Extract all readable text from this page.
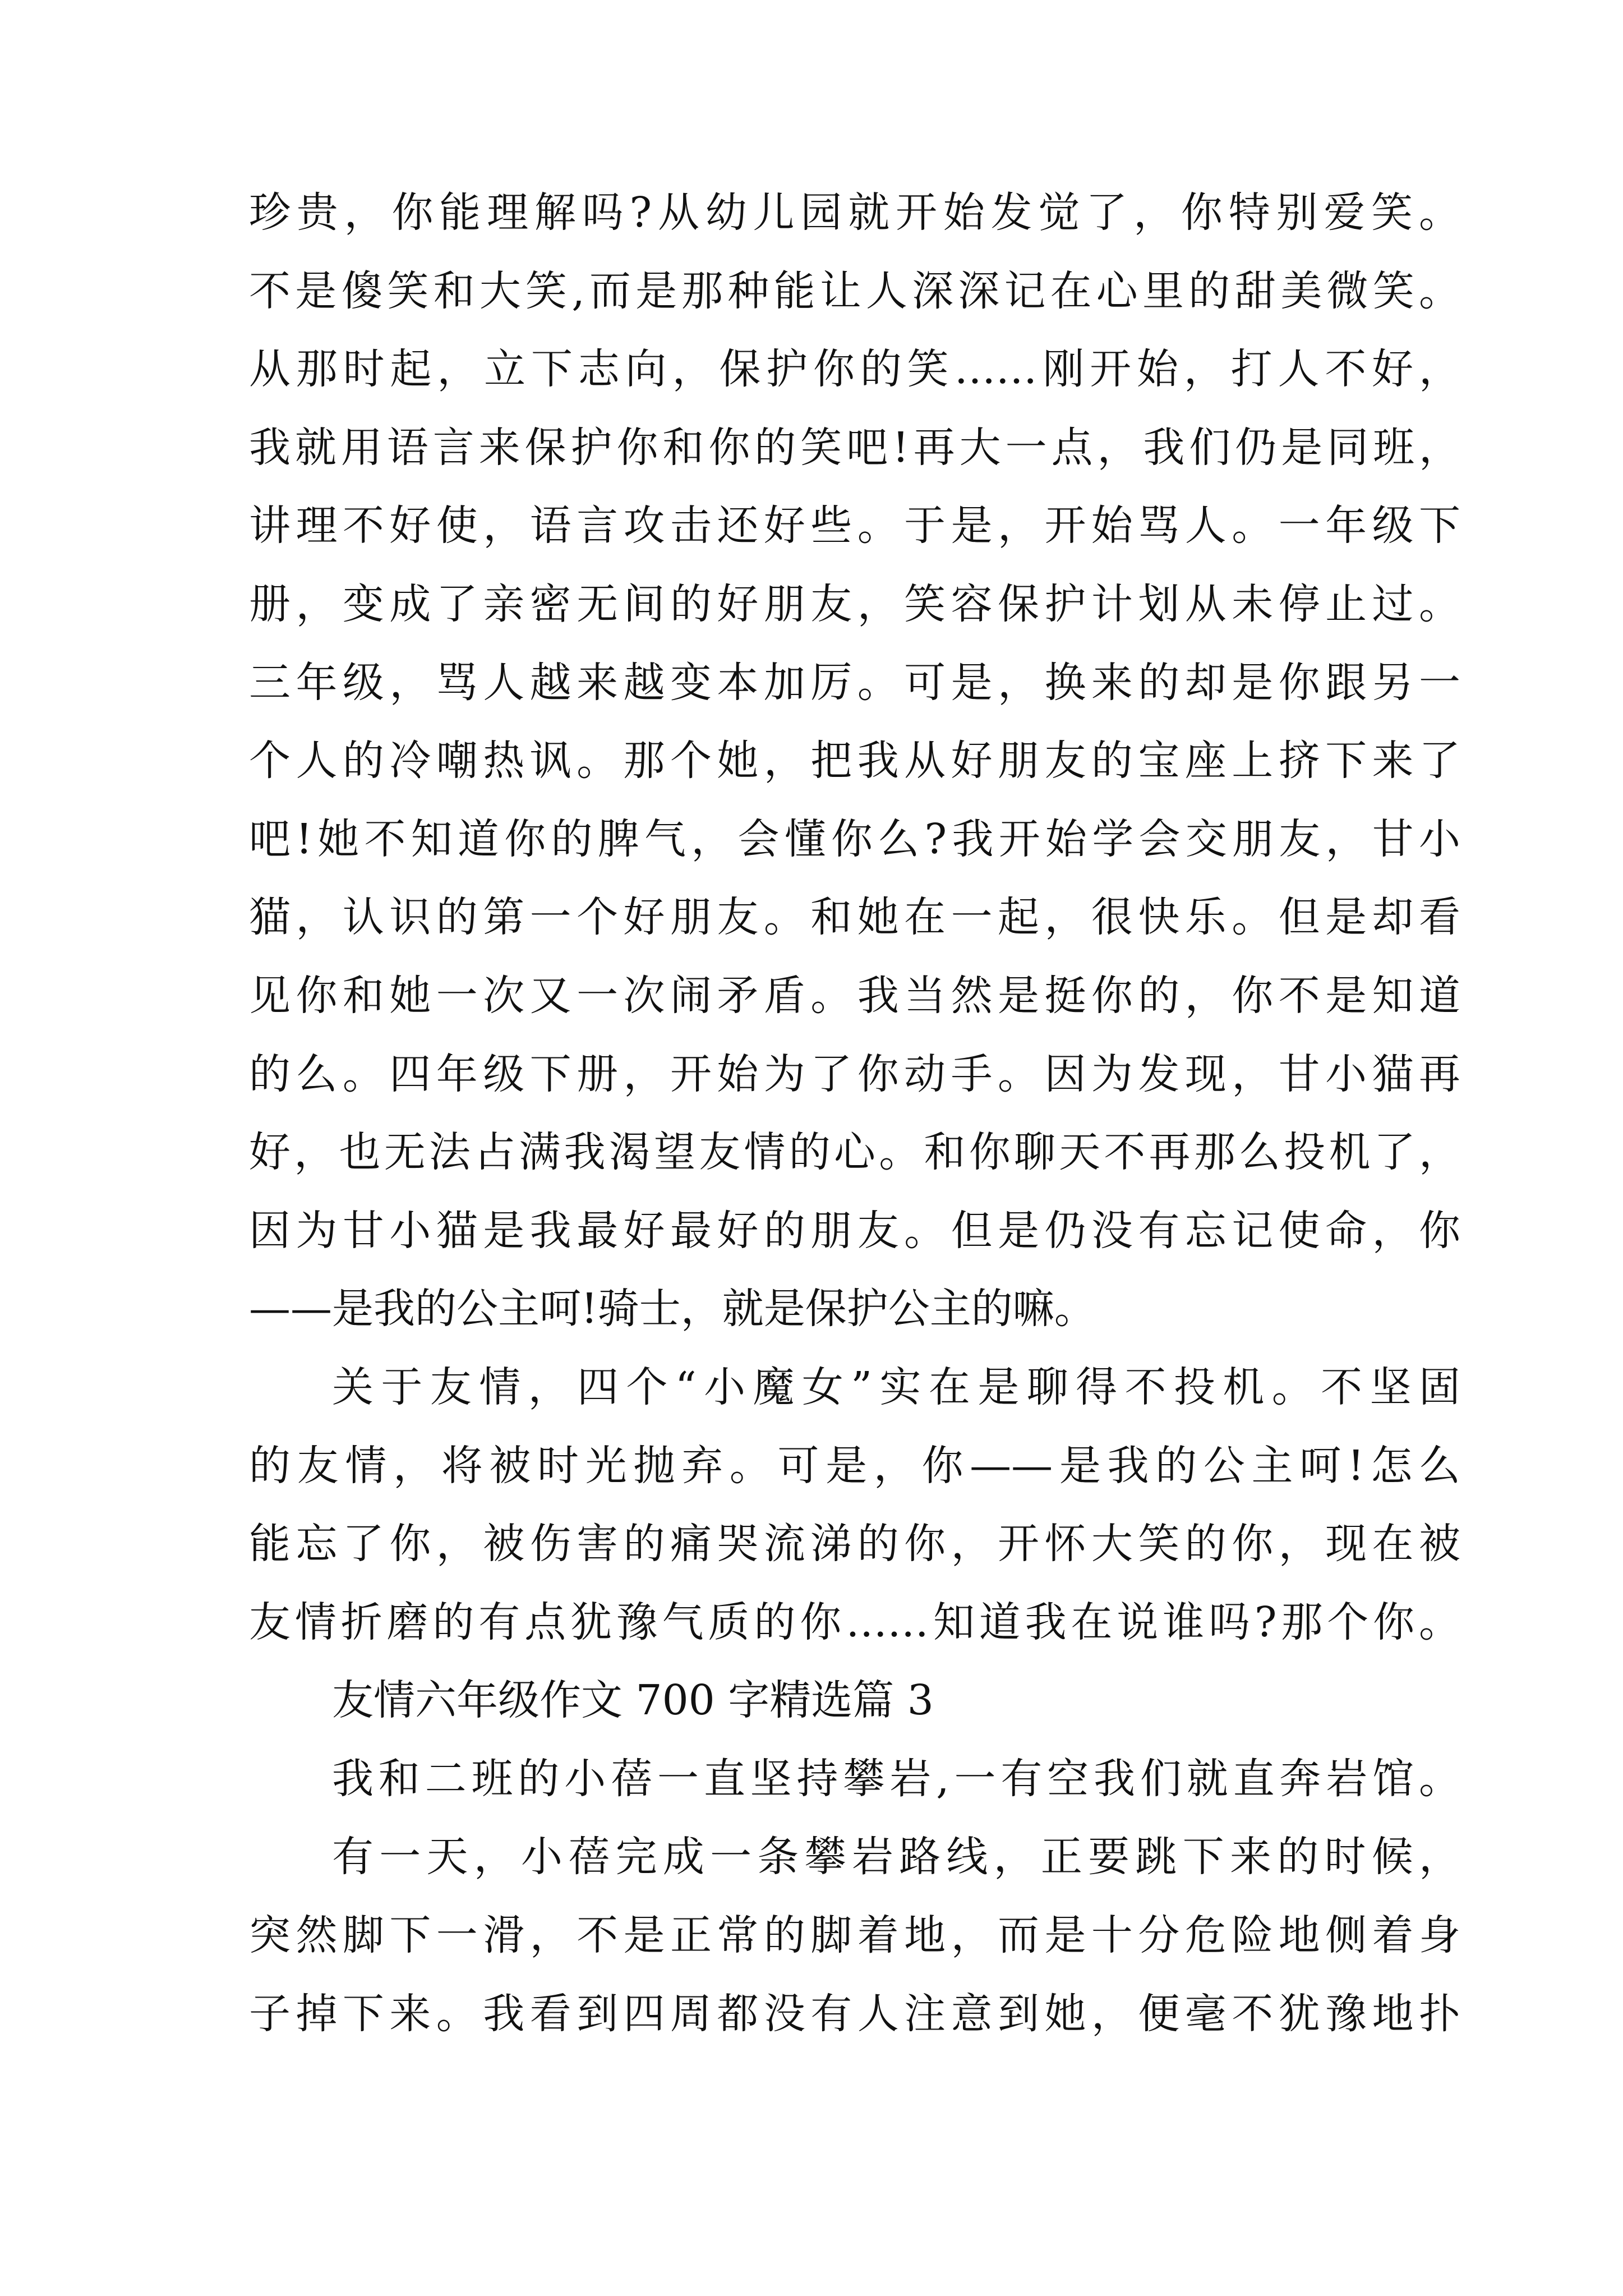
珍贵，你能理解吗?从幼儿园就开始发觉了，你特别爱笑。
不是傻笑和大笑,而是那种能让人深深记在心里的甜美微笑。
从那时起，立下志向，保护你的笑……刚开始，打人不好，
我就用语言来保护你和你的笑吧!再大一点，我们仍是同班，
讲理不好使，语言攻击还好些。于是，开始骂人。一年级下
册，变成了亲密无间的好朋友，笑容保护计划从未停止过。
三年级，骂人越来越变本加厉。可是，换来的却是你跟另一
个人的冷嘲热讽。那个她，把我从好朋友的宝座上挤下来了
吧!她不知道你的脾气，会懂你么?我开始学会交朋友，甘小
猫，认识的第一个好朋友。和她在一起，很快乐。但是却看
见你和她一次又一次闹矛盾。我当然是挺你的，你不是知道
的么。四年级下册，开始为了你动手。因为发现，甘小猫再
好，也无法占满我渴望友情的心。和你聊天不再那么投机了，
因为甘小猫是我最好最好的朋友。但是仍没有忘记使命，你
——是我的公主呵!骑士，就是保护公主的嘛。
关于友情，四个“小魔女”实在是聊得不投机。不坚固
的友情，将被时光抛弃。可是，你——是我的公主呵!怎么
能忘了你，被伤害的痛哭流涕的你，开怀大笑的你，现在被
友情折磨的有点犹豫气质的你……知道我在说谁吗?那个你。
友情六年级作文 700 字精选篇 3
我和二班的小蓓一直坚持攀岩,一有空我们就直奔岩馆。
有一天，小蓓完成一条攀岩路线，正要跳下来的时候，
突然脚下一滑，不是正常的脚着地，而是十分危险地侧着身
子掉下来。我看到四周都没有人注意到她，便毫不犹豫地扑
